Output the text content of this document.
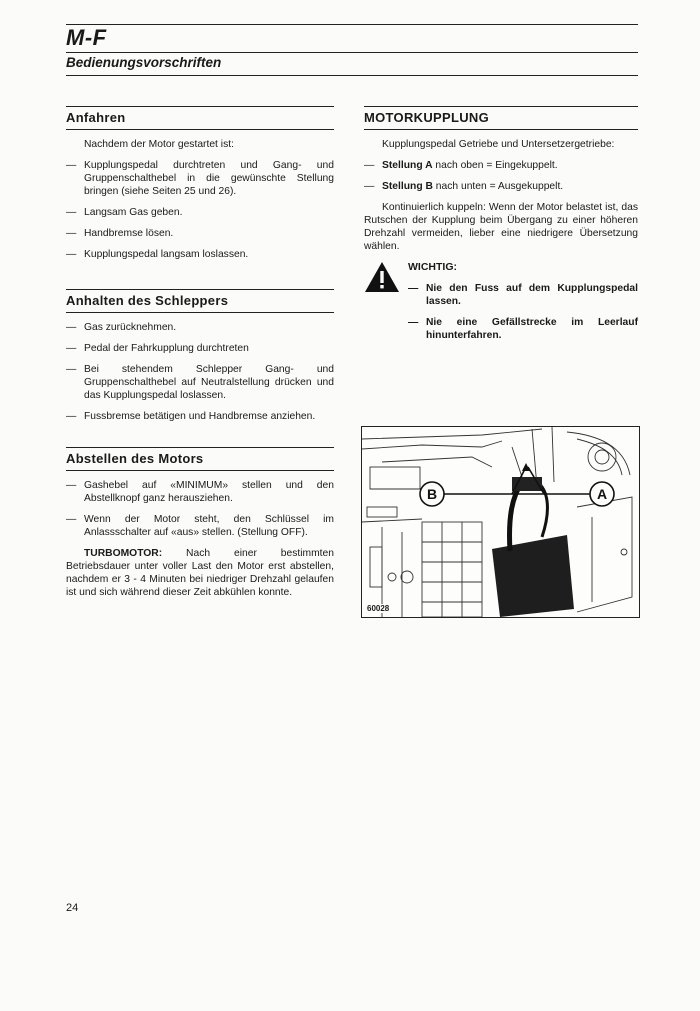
M-F
Bedienungsvorschriften
Anfahren

Nachdem der Motor gestartet ist:

— Kupplungspedal durchtreten und Gang- und Gruppenschalthebel in die gewünschte Stellung bringen (siehe Seiten 25 und 26).
— Langsam Gas geben.
— Handbremse lösen.
— Kupplungspedal langsam loslassen.
Anhalten des Schleppers
— Gas zurücknehmen.
— Pedal der Fahrkupplung durchtreten
— Bei stehendem Schlepper Gang- und Gruppenschalthebel auf Neutralstellung drücken und das Kupplungspedal loslassen.
— Fussbremse betätigen und Handbremse anziehen.
Abstellen des Motors
— Gashebel auf «MINIMUM» stellen und den Abstellknopf ganz herausziehen.
— Wenn der Motor steht, den Schlüssel im Anlassschalter auf «aus» stellen. (Stellung OFF).

TURBOMOTOR: Nach einer bestimmten Betriebsdauer unter voller Last den Motor erst abstellen, nachdem er 3 - 4 Minuten bei niedriger Drehzahl gelaufen ist und sich während dieser Zeit abkühlen konnte.

MOTORKUPPLUNG

Kupplungspedal Getriebe und Untersetzergetriebe:

— Stellung A nach oben = Eingekuppelt.
— Stellung B nach unten = Ausgekuppelt.

Kontinuierlich kuppeln: Wenn der Motor belastet ist, das Rutschen der Kupplung beim Übergang zu einer höheren Drehzahl vermeiden, lieber eine niedrigere Übersetzung wählen.

WICHTIG:
— Nie den Fuss auf dem Kupplungspedal lassen.
— Nie eine Gefällstrecke im Leerlauf hinunterfahren.
B	A
60028
24
